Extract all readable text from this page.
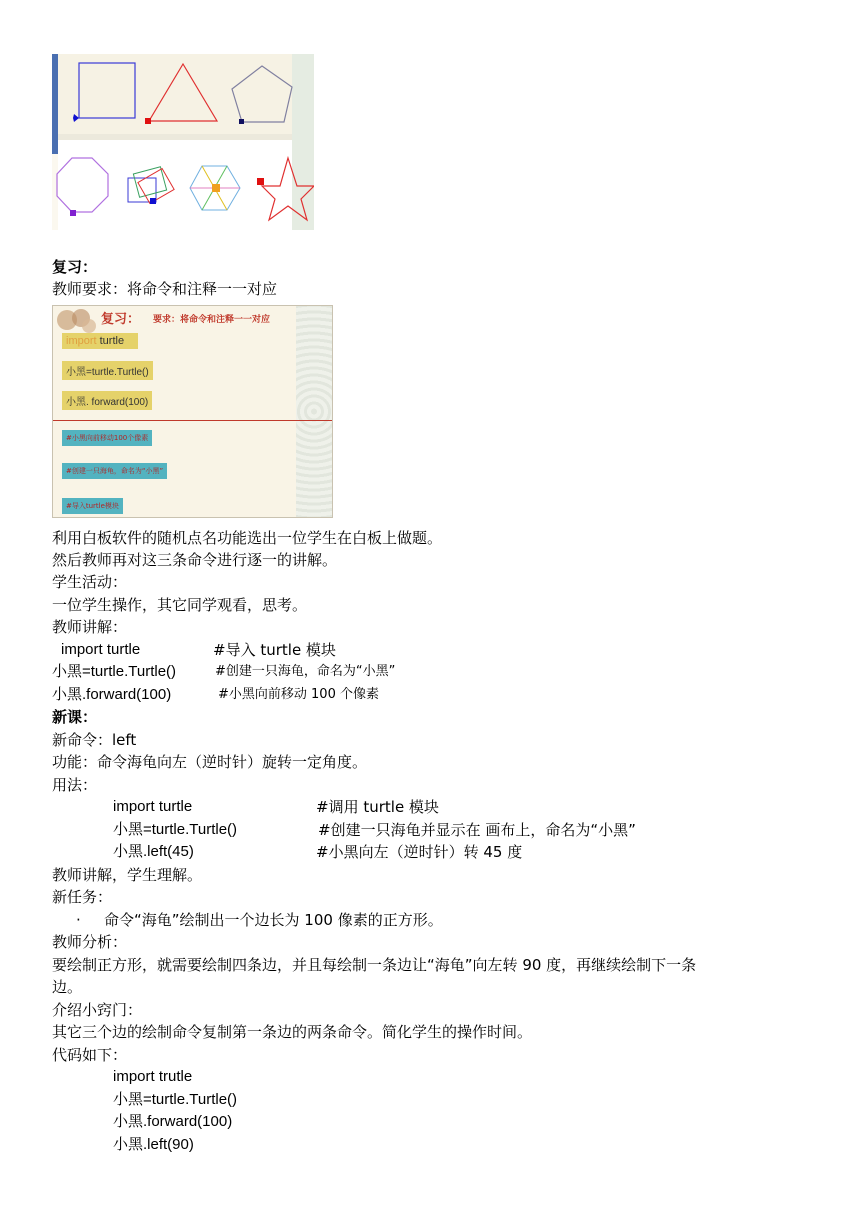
复习：
教师要求：将命令和注释一一对应
复习： 要求：将命令和注释一一对应
import turtle
小黑=turtle.Turtle()
小黑. forward(100)
#小黑向前移动100个像素
#创建一只海龟，命名为“小黑”
#导入turtle模块
利用白板软件的随机点名功能选出一位学生在白板上做题。
然后教师再对这三条命令进行逐一的讲解。
学生活动：
一位学生操作，其它同学观看，思考。
教师讲解：
import turtle	#导入 turtle 模块
小黑=turtle.Turtle()	#创建一只海龟，命名为“小黑”
小黑.forward(100)	#小黑向前移动 100 个像素
新课：
新命令：left
功能：命令海龟向左（逆时针）旋转一定角度。
用法：
import turtle	#调用 turtle 模块
小黑=turtle.Turtle()	#创建一只海龟并显示在 画布上，命名为“小黑”
小黑.left(45)	#小黑向左（逆时针）转 45 度
教师讲解，学生理解。
新任务：
· 命令“海龟”绘制出一个边长为 100 像素的正方形。
教师分析：
要绘制正方形，就需要绘制四条边，并且每绘制一条边让“海龟”向左转 90 度，再继续绘制下一条
边。
介绍小窍门：
其它三个边的绘制命令复制第一条边的两条命令。简化学生的操作时间。
代码如下：
import trutle
小黑=turtle.Turtle()
小黑.forward(100)
小黑.left(90)
